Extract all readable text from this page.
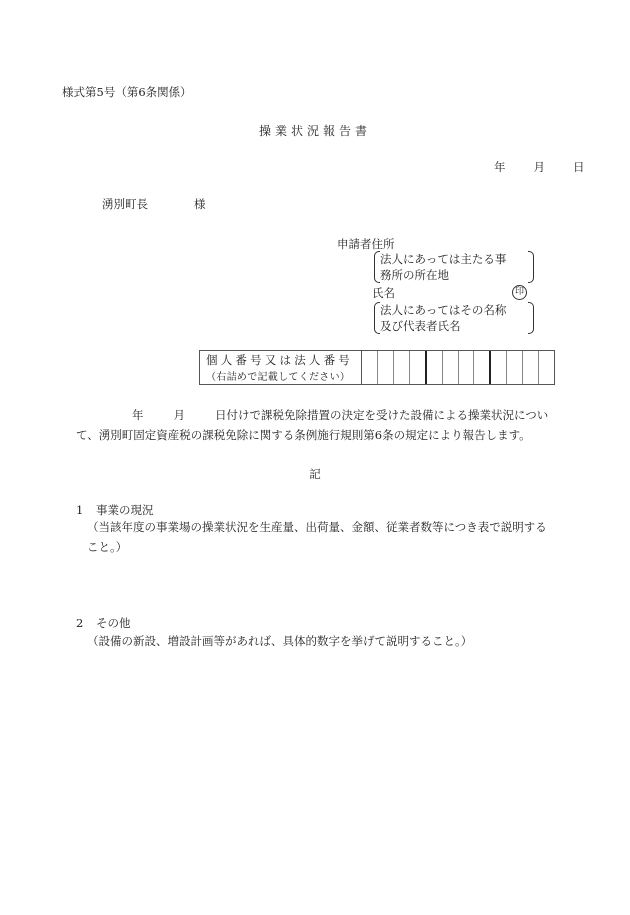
様式第5号（第6条関係）
操業状況報告書
年 月 日
湧別町長	様
申請者住所
法人にあっては主たる事
務所の所在地
氏名	印
法人にあってはその名称
及び代表者氏名
個人番号又は法人番号
（右詰めで記載してください）
年	月	日付けで課税免除措置の決定を受けた設備による操業状況につい
て、湧別町固定資産税の課税免除に関する条例施行規則第6条の規定により報告します。
記
1 事業の現況
（当該年度の事業場の操業状況を生産量、出荷量、金額、従業者数等につき表で説明すること。）
2 その他
（設備の新設、増設計画等があれば、具体的数字を挙げて説明すること。）
